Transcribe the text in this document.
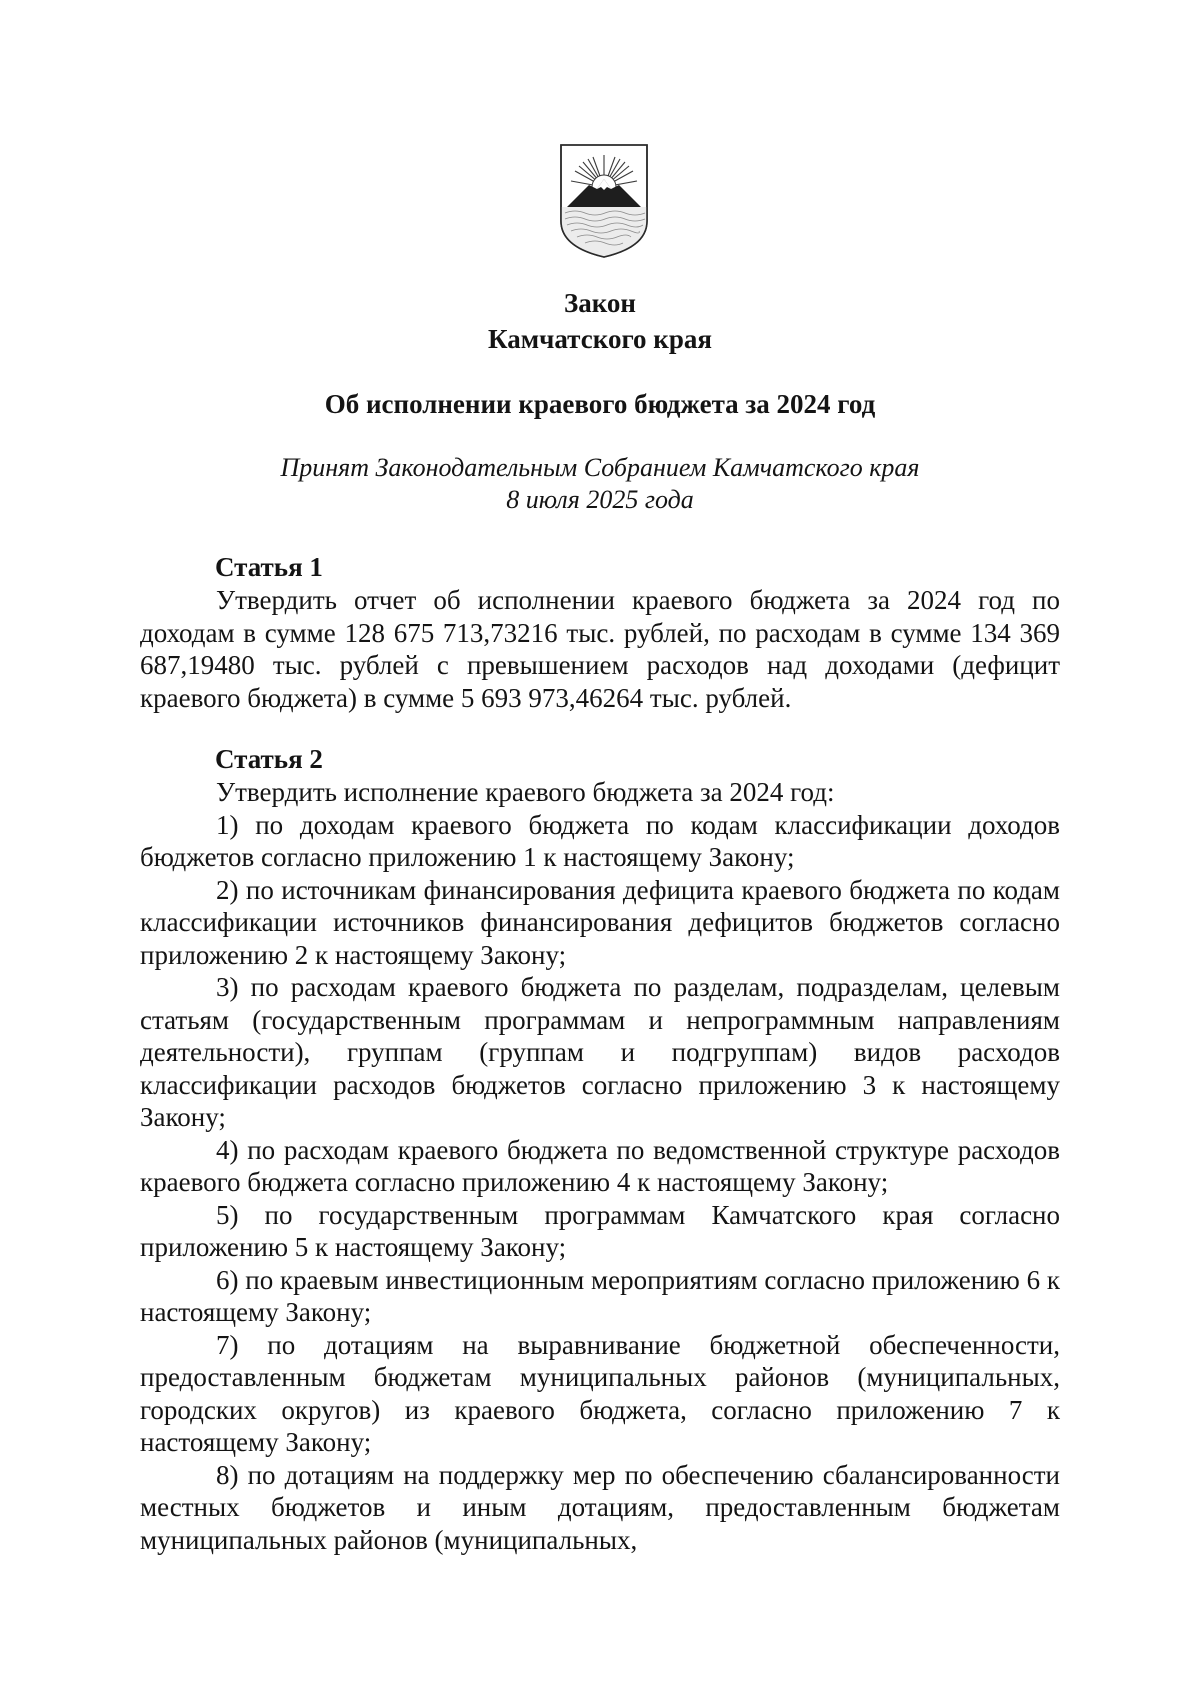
Закон
Камчатского края
Об исполнении краевого бюджета за 2024 год
Принят Законодательным Собранием Камчатского края
8 июля 2025 года
Статья 1

Утвердить отчет об исполнении краевого бюджета за 2024 год по доходам в сумме 128 675 713,73216 тыс. рублей, по расходам в сумме 134 369 687,19480 тыс. рублей с превышением расходов над доходами (дефицит краевого бюджета) в сумме 5 693 973,46264 тыс. рублей.

Статья 2

Утвердить исполнение краевого бюджета за 2024 год:

1) по доходам краевого бюджета по кодам классификации доходов бюджетов согласно приложению 1 к настоящему Закону;

2) по источникам финансирования дефицита краевого бюджета по кодам классификации источников финансирования дефицитов бюджетов согласно приложению 2 к настоящему Закону;

3) по расходам краевого бюджета по разделам, подразделам, целевым статьям (государственным программам и непрограммным направлениям деятельности), группам (группам и подгруппам) видов расходов классификации расходов бюджетов согласно приложению 3 к настоящему Закону;

4) по расходам краевого бюджета по ведомственной структуре расходов краевого бюджета согласно приложению 4 к настоящему Закону;

5) по государственным программам Камчатского края согласно приложению 5 к настоящему Закону;

6) по краевым инвестиционным мероприятиям согласно приложению 6 к настоящему Закону;

7) по дотациям на выравнивание бюджетной обеспеченности, предоставленным бюджетам муниципальных районов (муниципальных, городских округов) из краевого бюджета, согласно приложению 7 к настоящему Закону;

8) по дотациям на поддержку мер по обеспечению сбалансированности местных бюджетов и иным дотациям, предоставленным бюджетам муниципальных районов (муниципальных,
